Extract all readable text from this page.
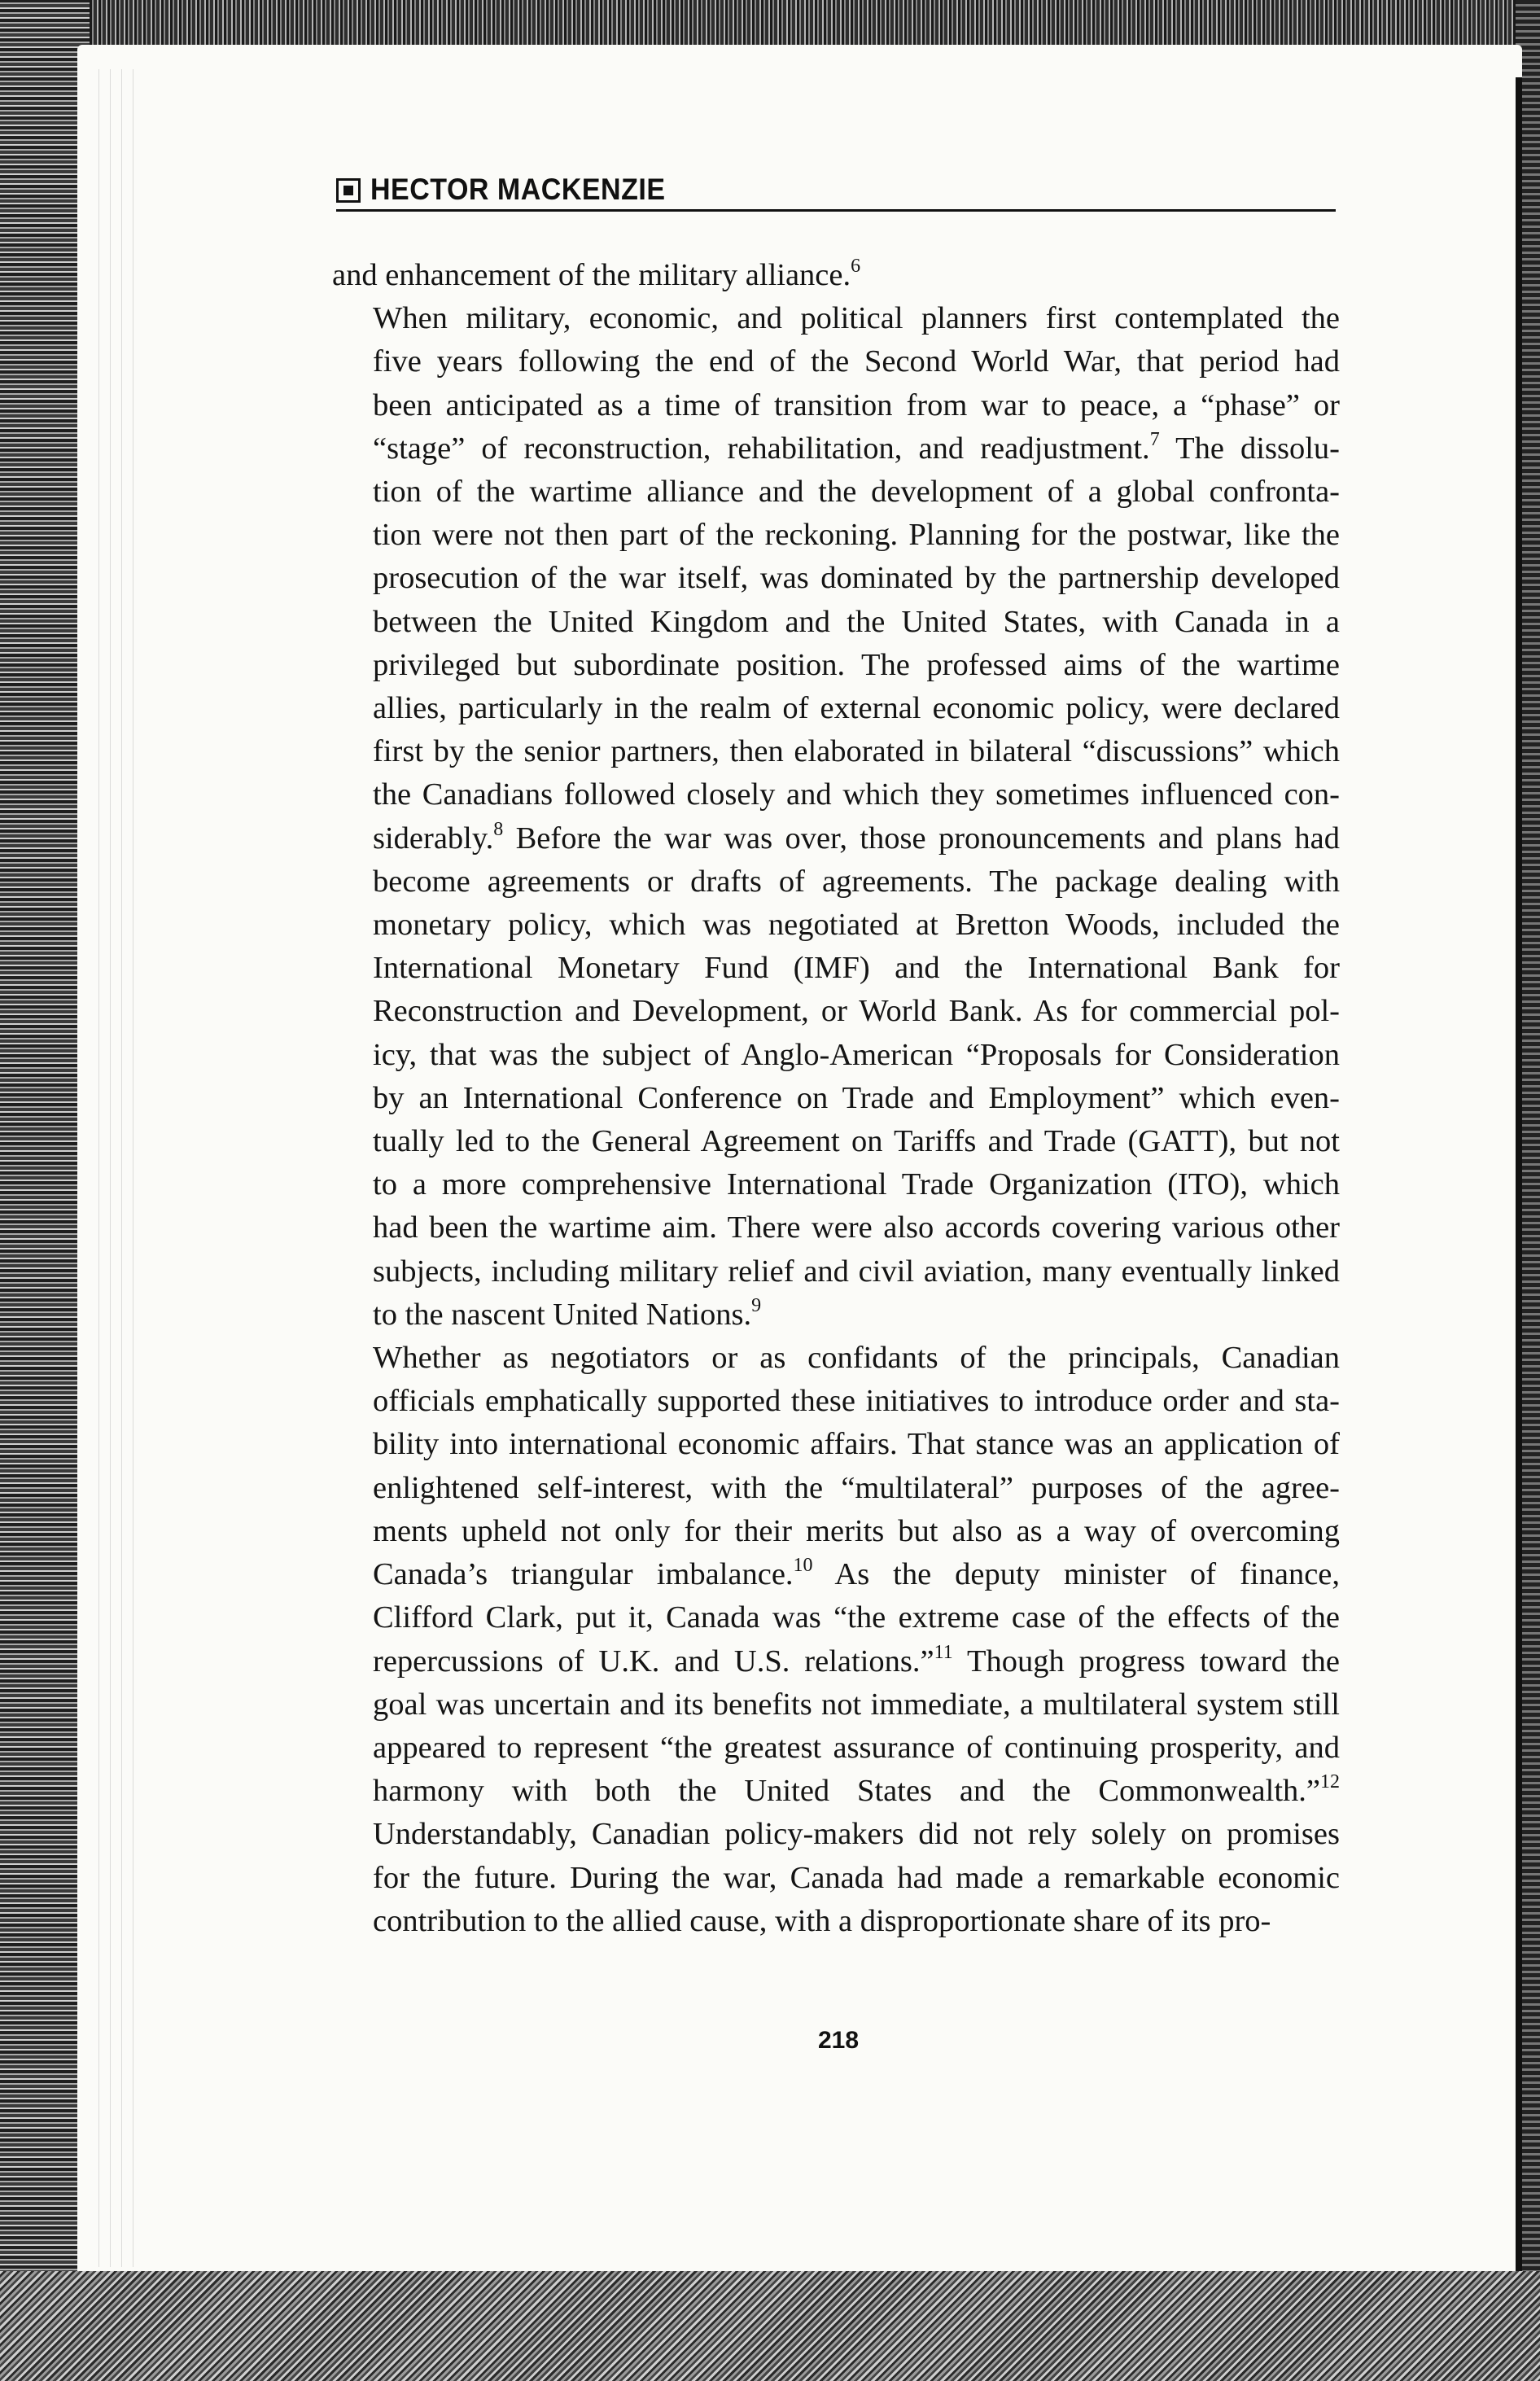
HECTOR MACKENZIE

and enhancement of the military alliance.$^6$

When military, economic, and political planners first contemplated the
five years following the end of the Second World War, that period had
been anticipated as a time of transition from war to peace, a “phase” or
“stage” of reconstruction, rehabilitation, and readjustment.$^7$ The dissolu-
tion of the wartime alliance and the development of a global confronta-
tion were not then part of the reckoning. Planning for the postwar, like the
prosecution of the war itself, was dominated by the partnership developed
between the United Kingdom and the United States, with Canada in a
privileged but subordinate position. The professed aims of the wartime
allies, particularly in the realm of external economic policy, were declared
first by the senior partners, then elaborated in bilateral “discussions” which
the Canadians followed closely and which they sometimes influenced con-
siderably.$^8$ Before the war was over, those pronouncements and plans had
become agreements or drafts of agreements. The package dealing with
monetary policy, which was negotiated at Bretton Woods, included the
International Monetary Fund (IMF) and the International Bank for
Reconstruction and Development, or World Bank. As for commercial pol-
icy, that was the subject of Anglo-American “Proposals for Consideration
by an International Conference on Trade and Employment” which even-
tually led to the General Agreement on Tariffs and Trade (GATT), but not
to a more comprehensive International Trade Organization (ITO), which
had been the wartime aim. There were also accords covering various other
subjects, including military relief and civil aviation, many eventually linked
to the nascent United Nations.$^9$

Whether as negotiators or as confidants of the principals, Canadian
officials emphatically supported these initiatives to introduce order and sta-
bility into international economic affairs. That stance was an application of
enlightened self-interest, with the “multilateral” purposes of the agree-
ments upheld not only for their merits but also as a way of overcoming
Canada’s triangular imbalance.$^{10}$ As the deputy minister of finance,
Clifford Clark, put it, Canada was “the extreme case of the effects of the
repercussions of U.K. and U.S. relations.”$^{11}$ Though progress toward the
goal was uncertain and its benefits not immediate, a multilateral system still
appeared to represent “the greatest assurance of continuing prosperity, and
harmony with both the United States and the Commonwealth.”$^{12}$
Understandably, Canadian policy-makers did not rely solely on promises
for the future. During the war, Canada had made a remarkable economic
contribution to the allied cause, with a disproportionate share of its pro-

218
